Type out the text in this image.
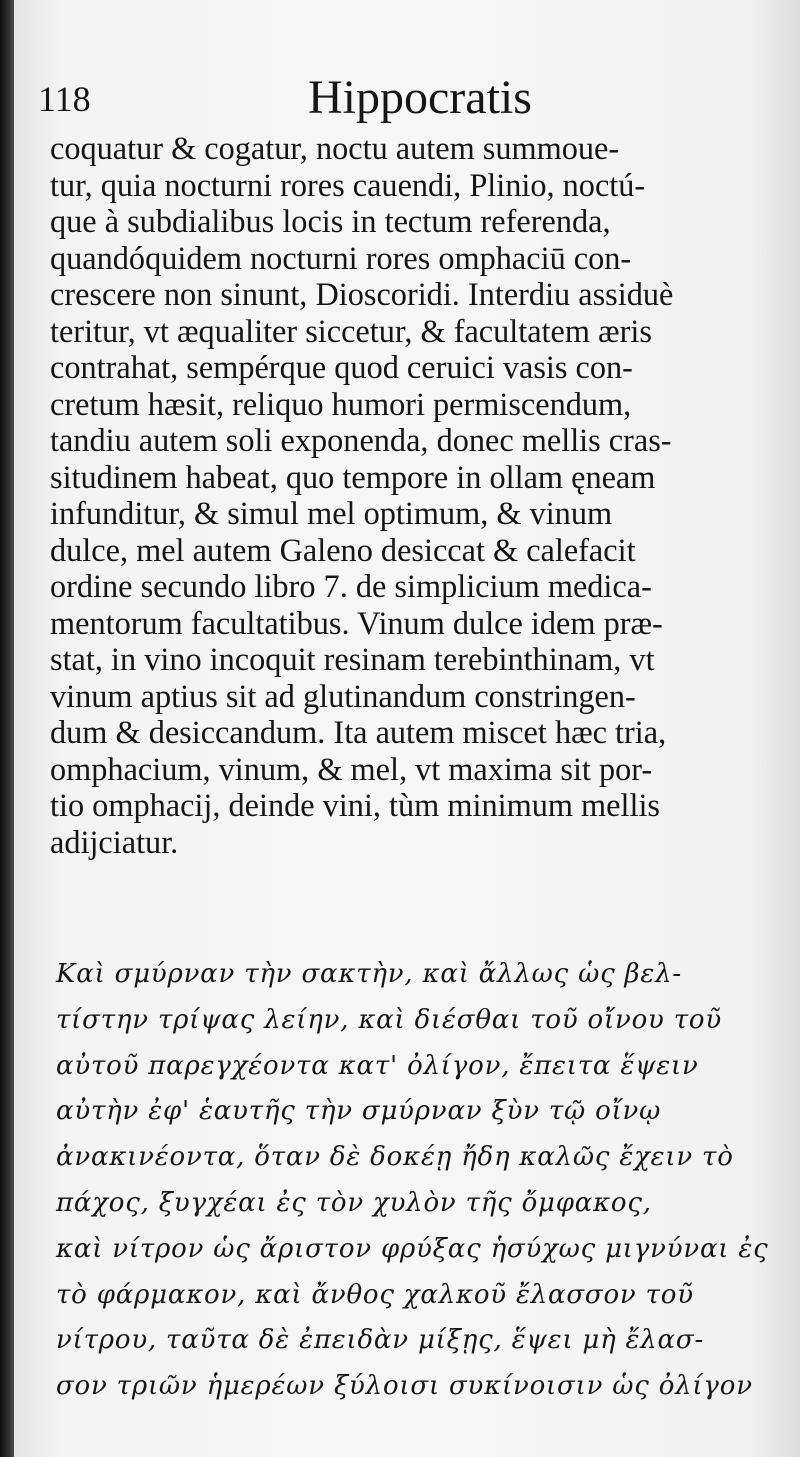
118	Hippocratis

coquatur & cogatur, noctu autem summoue-
tur, quia nocturni rores cauendi, Plinio, noctú-
que à subdialibus locis in tectum referenda,
quandóquidem nocturni rores omphaciū con-
crescere non sinunt, Dioscoridi. Interdiu assiduè
teritur, vt æqualiter siccetur, & facultatem æris
contrahat, sempérque quod ceruici vasis con-
cretum hæsit, reliquo humori permiscendum,
tandiu autem soli exponenda, donec mellis cras-
situdinem habeat, quo tempore in ollam ęneam
infunditur, & simul mel optimum, & vinum
dulce, mel autem Galeno desiccat & calefacit
ordine secundo libro 7. de simplicium medica-
mentorum facultatibus. Vinum dulce idem præ-
stat, in vino incoquit resinam terebinthinam, vt
vinum aptius sit ad glutinandum constringen-
dum & desiccandum. Ita autem miscet hæc tria,
omphacium, vinum, & mel, vt maxima sit por-
tio omphacij, deinde vini, tùm minimum mellis
adijciatur.

Καὶ σμύρναν τὴν σακτὴν, καὶ ἄλλως ὡς βελ-
τίστην τρίψας λείην, καὶ διέσθαι τοῦ οἴνου τοῦ
αὐτοῦ παρεγχέοντα κατ' ὀλίγον, ἔπειτα ἕψειν
αὐτὴν ἐφ' ἑαυτῆς τὴν σμύρναν ξὺν τῷ οἴνῳ
ἀνακινέοντα, ὅταν δὲ δοκέῃ ἤδη καλῶς ἔχειν τὸ
πάχος, ξυγχέαι ἐς τὸν χυλὸν τῆς ὄμφακος,
καὶ νίτρον ὡς ἄριστον φρύξας ἡσύχως μιγνύναι ἐς
τὸ φάρμακον, καὶ ἄνθος χαλκοῦ ἔλασσον τοῦ
νίτρου, ταῦτα δὲ ἐπειδὰν μίξῃς, ἕψει μὴ ἔλασ-
σον τριῶν ἡμερέων ξύλοισι συκίνοισιν ὡς ὀλίγον
